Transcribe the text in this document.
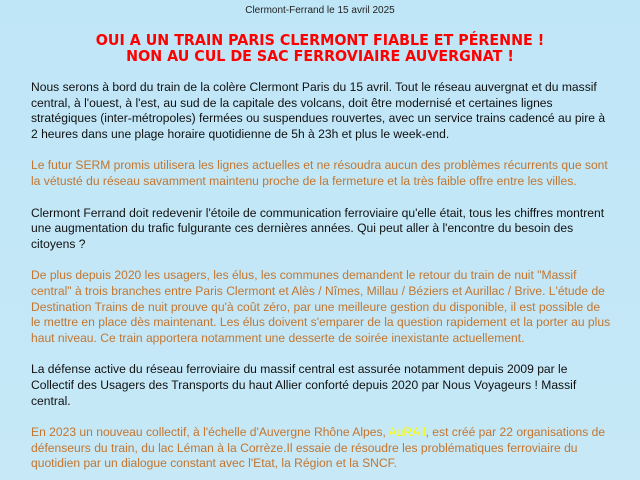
Clermont-Ferrand le 15 avril 2025
OUI A UN TRAIN PARIS CLERMONT FIABLE ET PÉRENNE !
NON AU CUL DE SAC FERROVIAIRE AUVERGNAT !

Nous serons à bord du train de la colère Clermont Paris du 15 avril. Tout le réseau auvergnat et du massif central, à l'ouest, à l'est, au sud de la capitale des volcans, doit être modernisé et certaines lignes stratégiques (inter-métropoles) fermées ou suspendues rouvertes, avec un service trains cadencé au pire à 2 heures dans une plage horaire quotidienne de 5h à 23h et plus le week-end.

Le futur SERM promis utilisera les lignes actuelles et ne résoudra aucun des problèmes récurrents que sont la vétusté du réseau savamment maintenu proche de la fermeture et la très faible offre entre les villes.

Clermont Ferrand doit redevenir l'étoile de communication ferroviaire qu'elle était, tous les chiffres montrent une augmentation du trafic fulgurante ces dernières années. Qui peut aller à l'encontre du besoin des citoyens ?

De plus depuis 2020 les usagers, les élus, les communes demandent le retour du train de nuit "Massif central" à trois branches entre Paris Clermont et Alès / Nîmes, Millau / Béziers et Aurillac / Brive. L'étude de Destination Trains de nuit prouve qu'à coût zéro, par une meilleure gestion du disponible, il est possible de le mettre en place dès maintenant. Les élus doivent s'emparer de la question rapidement et la porter au plus haut niveau. Ce train apportera notamment une desserte de soirée inexistante actuellement.

La défense active du réseau ferroviaire du massif central est assurée notamment depuis 2009 par le Collectif des Usagers des Transports du haut Allier conforté depuis 2020 par Nous Voyageurs ! Massif central.

En 2023 un nouveau collectif, à l'échelle d'Auvergne Rhône Alpes, AuRAil, est créé par 22 organisations de défenseurs du train, du lac Léman à la Corrèze.Il essaie de résoudre les problématiques ferroviaire du quotidien par un dialogue constant avec l'Etat, la Région et la SNCF.
